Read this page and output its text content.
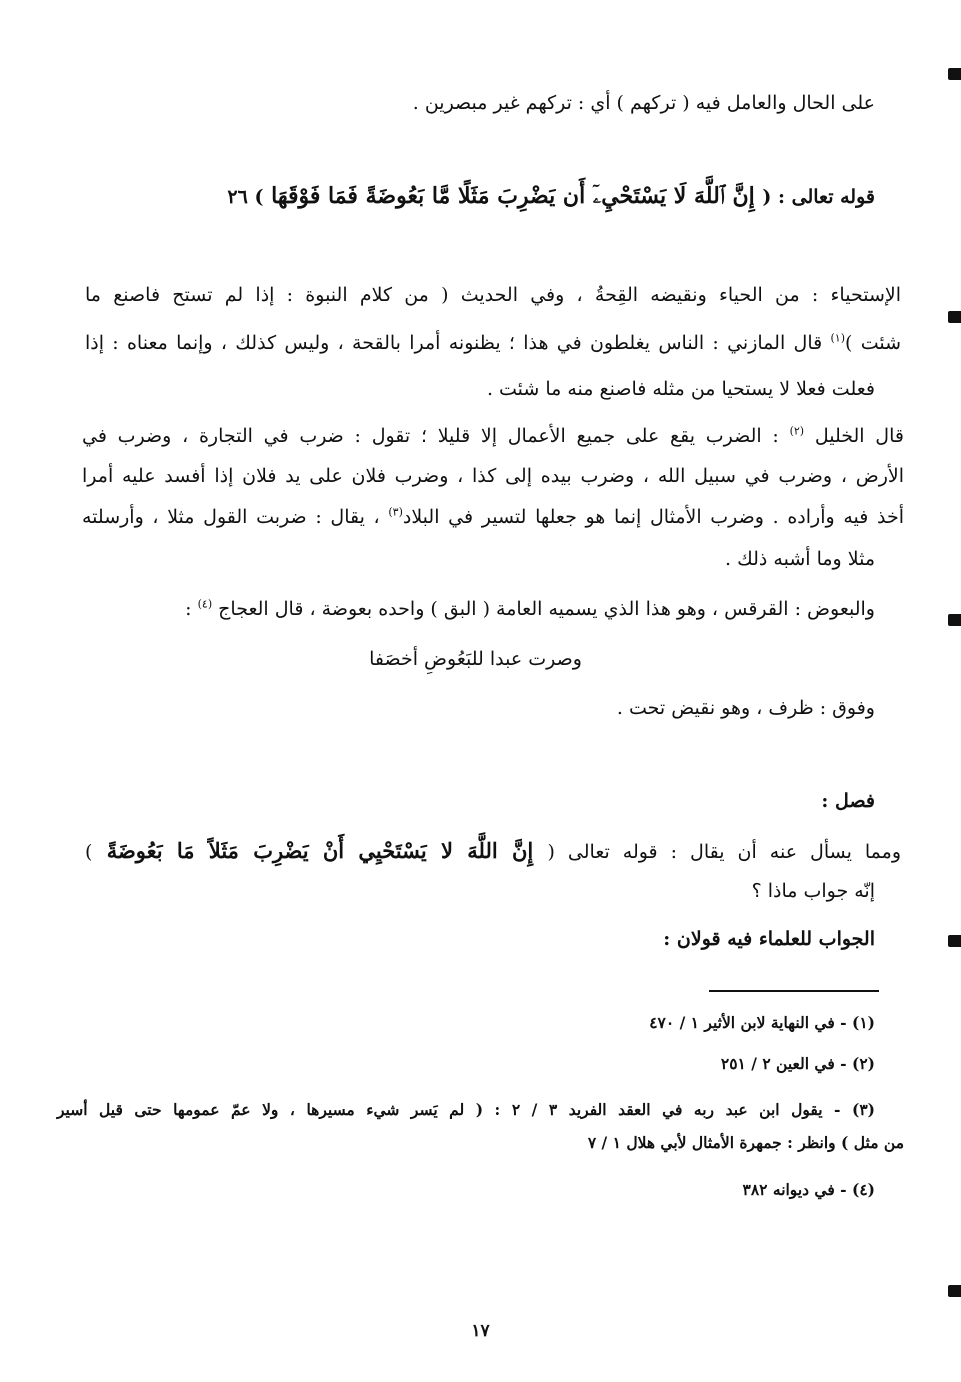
على الحال والعامل فيه ( تركهم ) أي : تركهم غير مبصرين .

قوله تعالى : ( إِنَّ ٱللَّهَ لَا يَسْتَحْيِۦٓ أَن يَضْرِبَ مَثَلًا مَّا بَعُوضَةً فَمَا فَوْقَهَا ) ٢٦

الإستحياء : من الحياء ونقيضه القِحةُ ، وفي الحديث ( من كلام النبوة : إذا لم تستح فاصنع ما

شئت )$^{(١)}$ قال المازني : الناس يغلطون في هذا ؛ يظنونه أمرا بالقحة ، وليس كذلك ، وإنما معناه : إذا

فعلت فعلا لا يستحيا من مثله فاصنع منه ما شئت .

قال الخليل $^{(٢)}$ : الضرب يقع على جميع الأعمال إلا قليلا ؛ تقول : ضرب في التجارة ، وضرب في

الأرض ، وضرب في سبيل الله ، وضرب بيده إلى كذا ، وضرب فلان على يد فلان إذا أفسد عليه أمرا

أخذ فيه وأراده . وضرب الأمثال إنما هو جعلها لتسير في البلاد$^{(٣)}$ ، يقال : ضربت القول مثلا ، وأرسلته

مثلا وما أشبه ذلك .

والبعوض : القرقس ، وهو هذا الذي يسميه العامة ( البق ) واحده بعوضة ، قال العجاج $^{(٤)}$ :

وصرت عبدا للبَعُوضِ أخصَفا

وفوق : ظرف ، وهو نقيض تحت .

فصل :

ومما يسأل عنه أن يقال : قوله تعالى ( إِنَّ اللَّهَ لا يَسْتَحْيِي أَنْ يَضْرِبَ مَثَلاً مَا بَعُوضَةً )

إنّه جواب ماذا ؟

الجواب للعلماء فيه قولان :

(١) - في النهاية لابن الأثير ١ / ٤٧٠

(٢) - في العين ٢ / ٢٥١

(٣) - يقول ابن عبد ربه في العقد الفريد ٣ / ٢ : ( لم يَسر شيء مسيرها ، ولا عمّ عمومها حتى قيل أسير

من مثل ) وانظر : جمهرة الأمثال لأبي هلال ١ / ٧

(٤) - في ديوانه ٣٨٢

١٧
